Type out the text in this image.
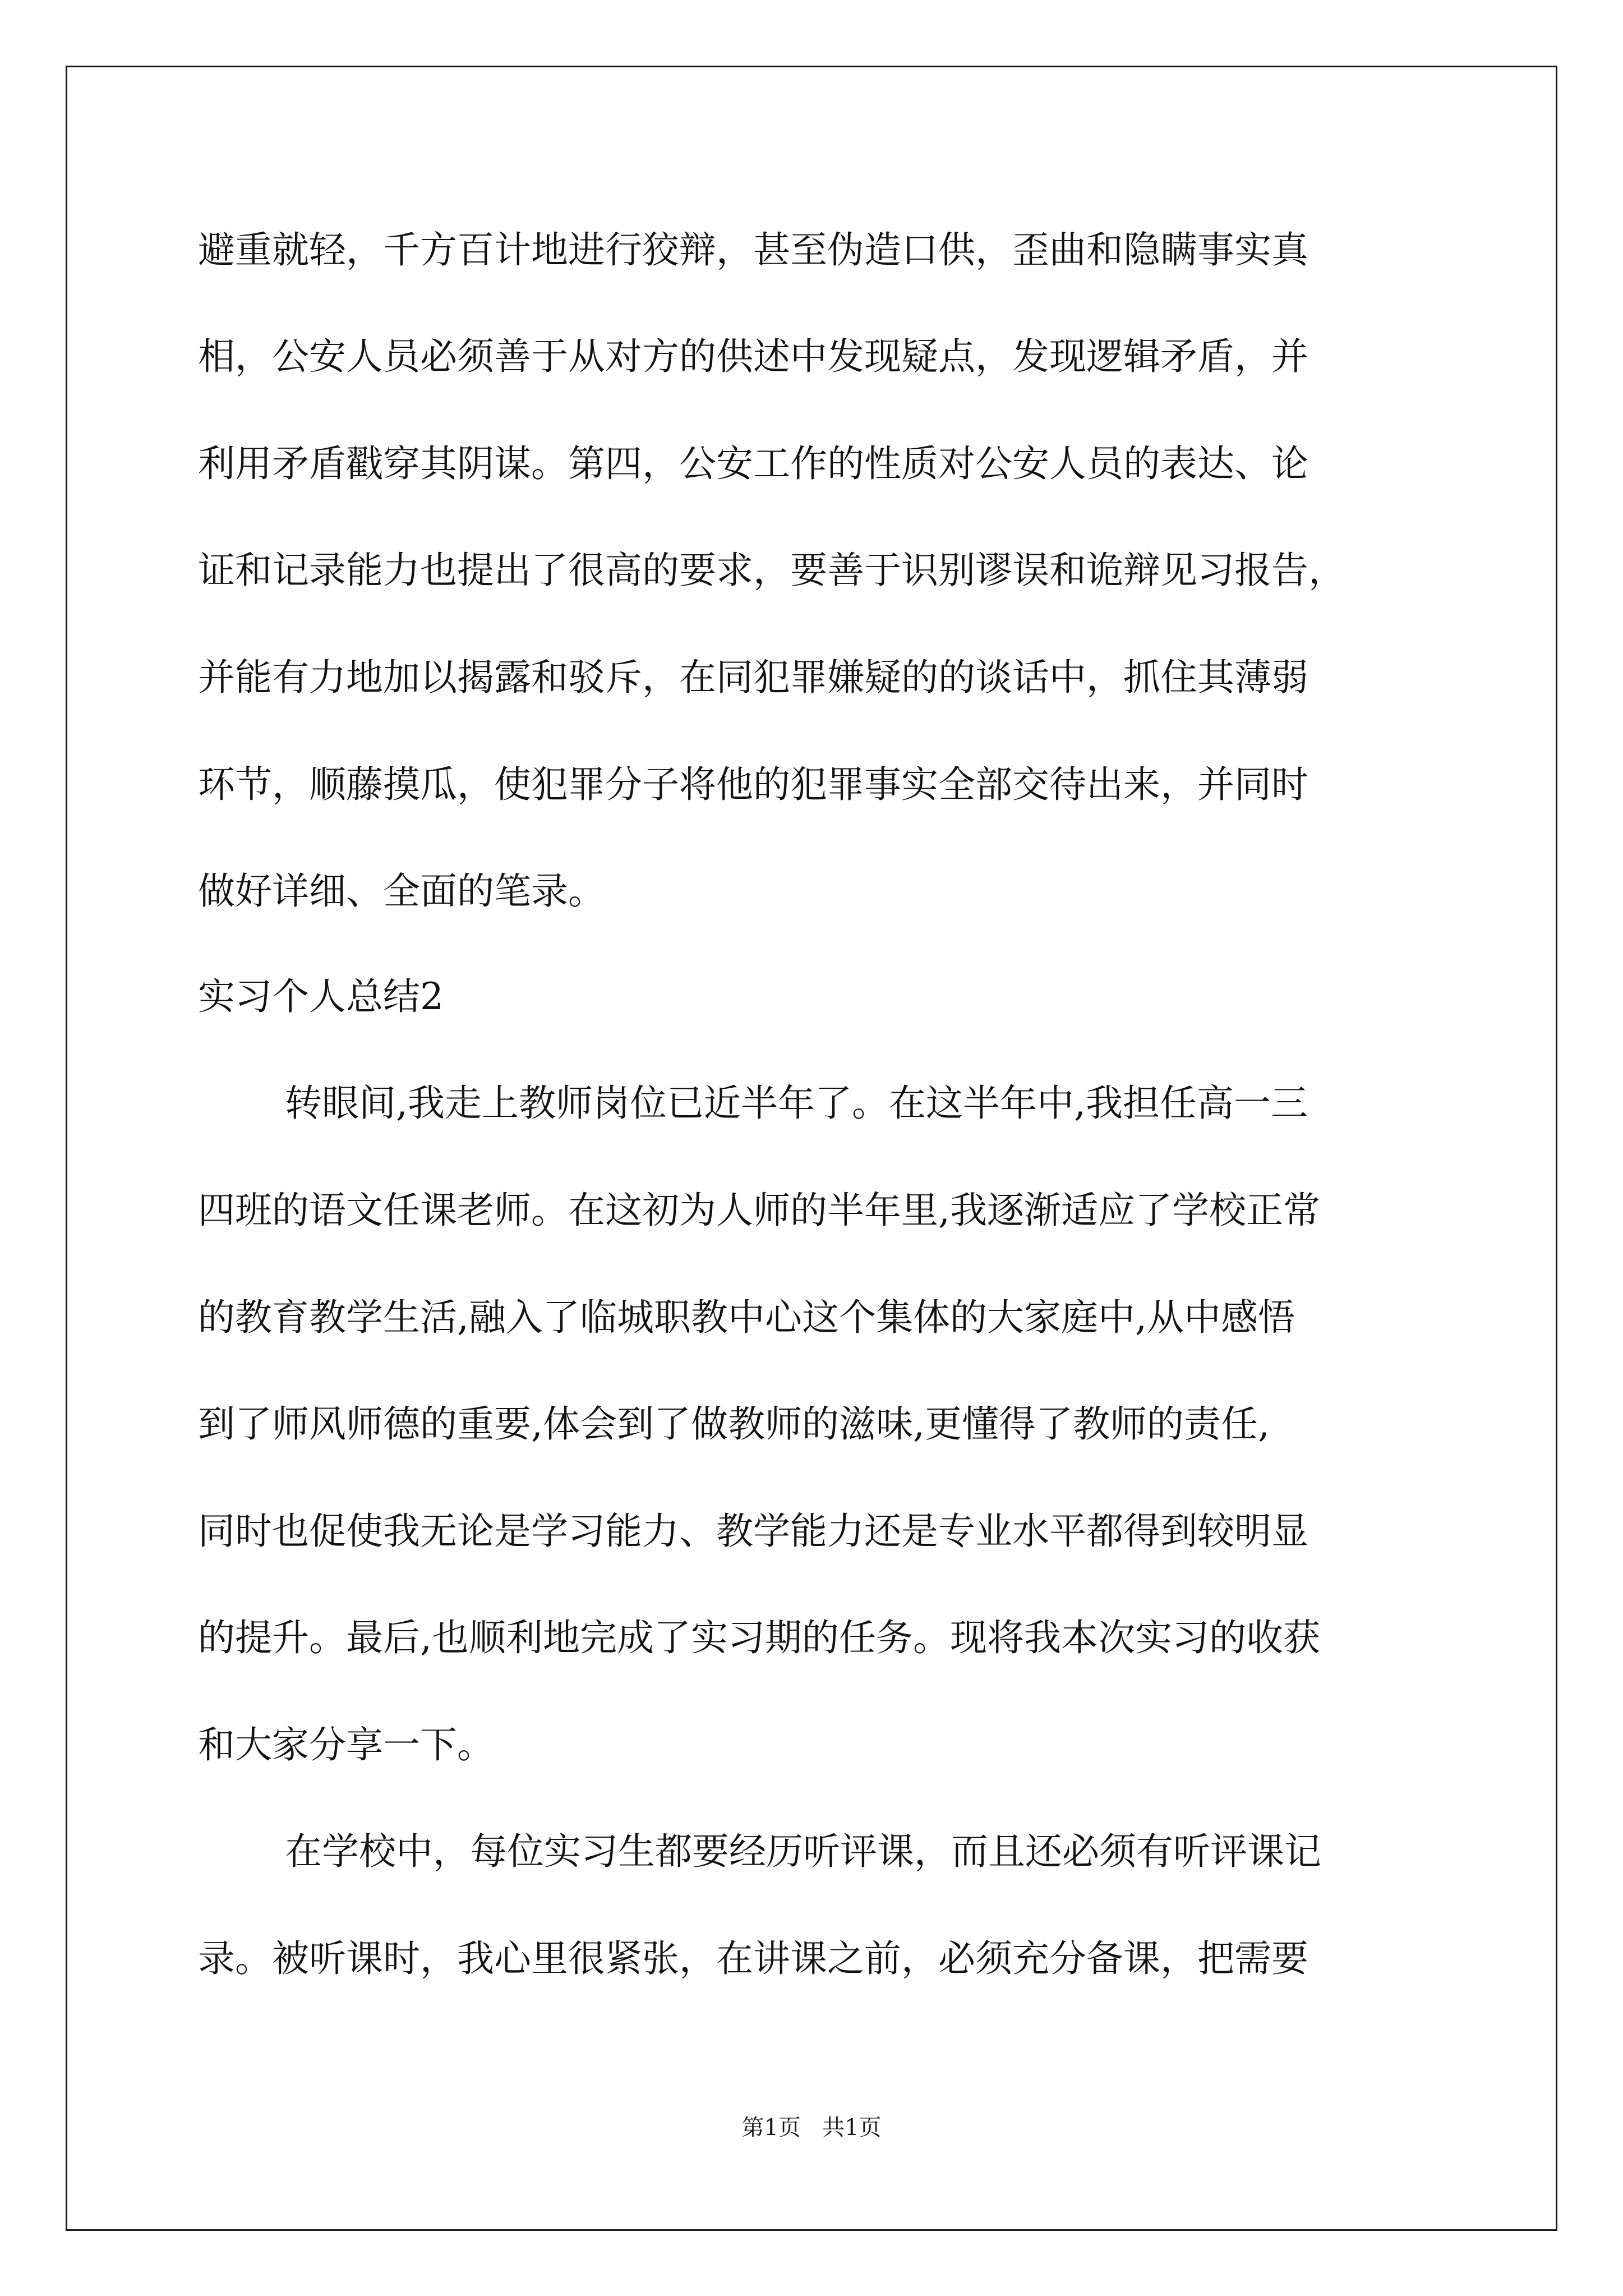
避重就轻，千方百计地进行狡辩，甚至伪造口供，歪曲和隐瞒事实真
相，公安人员必须善于从对方的供述中发现疑点，发现逻辑矛盾，并
利用矛盾戳穿其阴谋。第四，公安工作的性质对公安人员的表达、论
证和记录能力也提出了很高的要求，要善于识别谬误和诡辩见习报告，
并能有力地加以揭露和驳斥，在同犯罪嫌疑的的谈话中，抓住其薄弱
环节，顺藤摸瓜，使犯罪分子将他的犯罪事实全部交待出来，并同时
做好详细、全面的笔录。
实习个人总结2
转眼间,我走上教师岗位已近半年了。在这半年中,我担任高一三
四班的语文任课老师。在这初为人师的半年里,我逐渐适应了学校正常
的教育教学生活,融入了临城职教中心这个集体的大家庭中,从中感悟
到了师风师德的重要,体会到了做教师的滋味,更懂得了教师的责任,
同时也促使我无论是学习能力、教学能力还是专业水平都得到较明显
的提升。最后,也顺利地完成了实习期的任务。现将我本次实习的收获
和大家分享一下。
在学校中，每位实习生都要经历听评课，而且还必须有听评课记
录。被听课时，我心里很紧张，在讲课之前，必须充分备课，把需要
第1页   共1页
